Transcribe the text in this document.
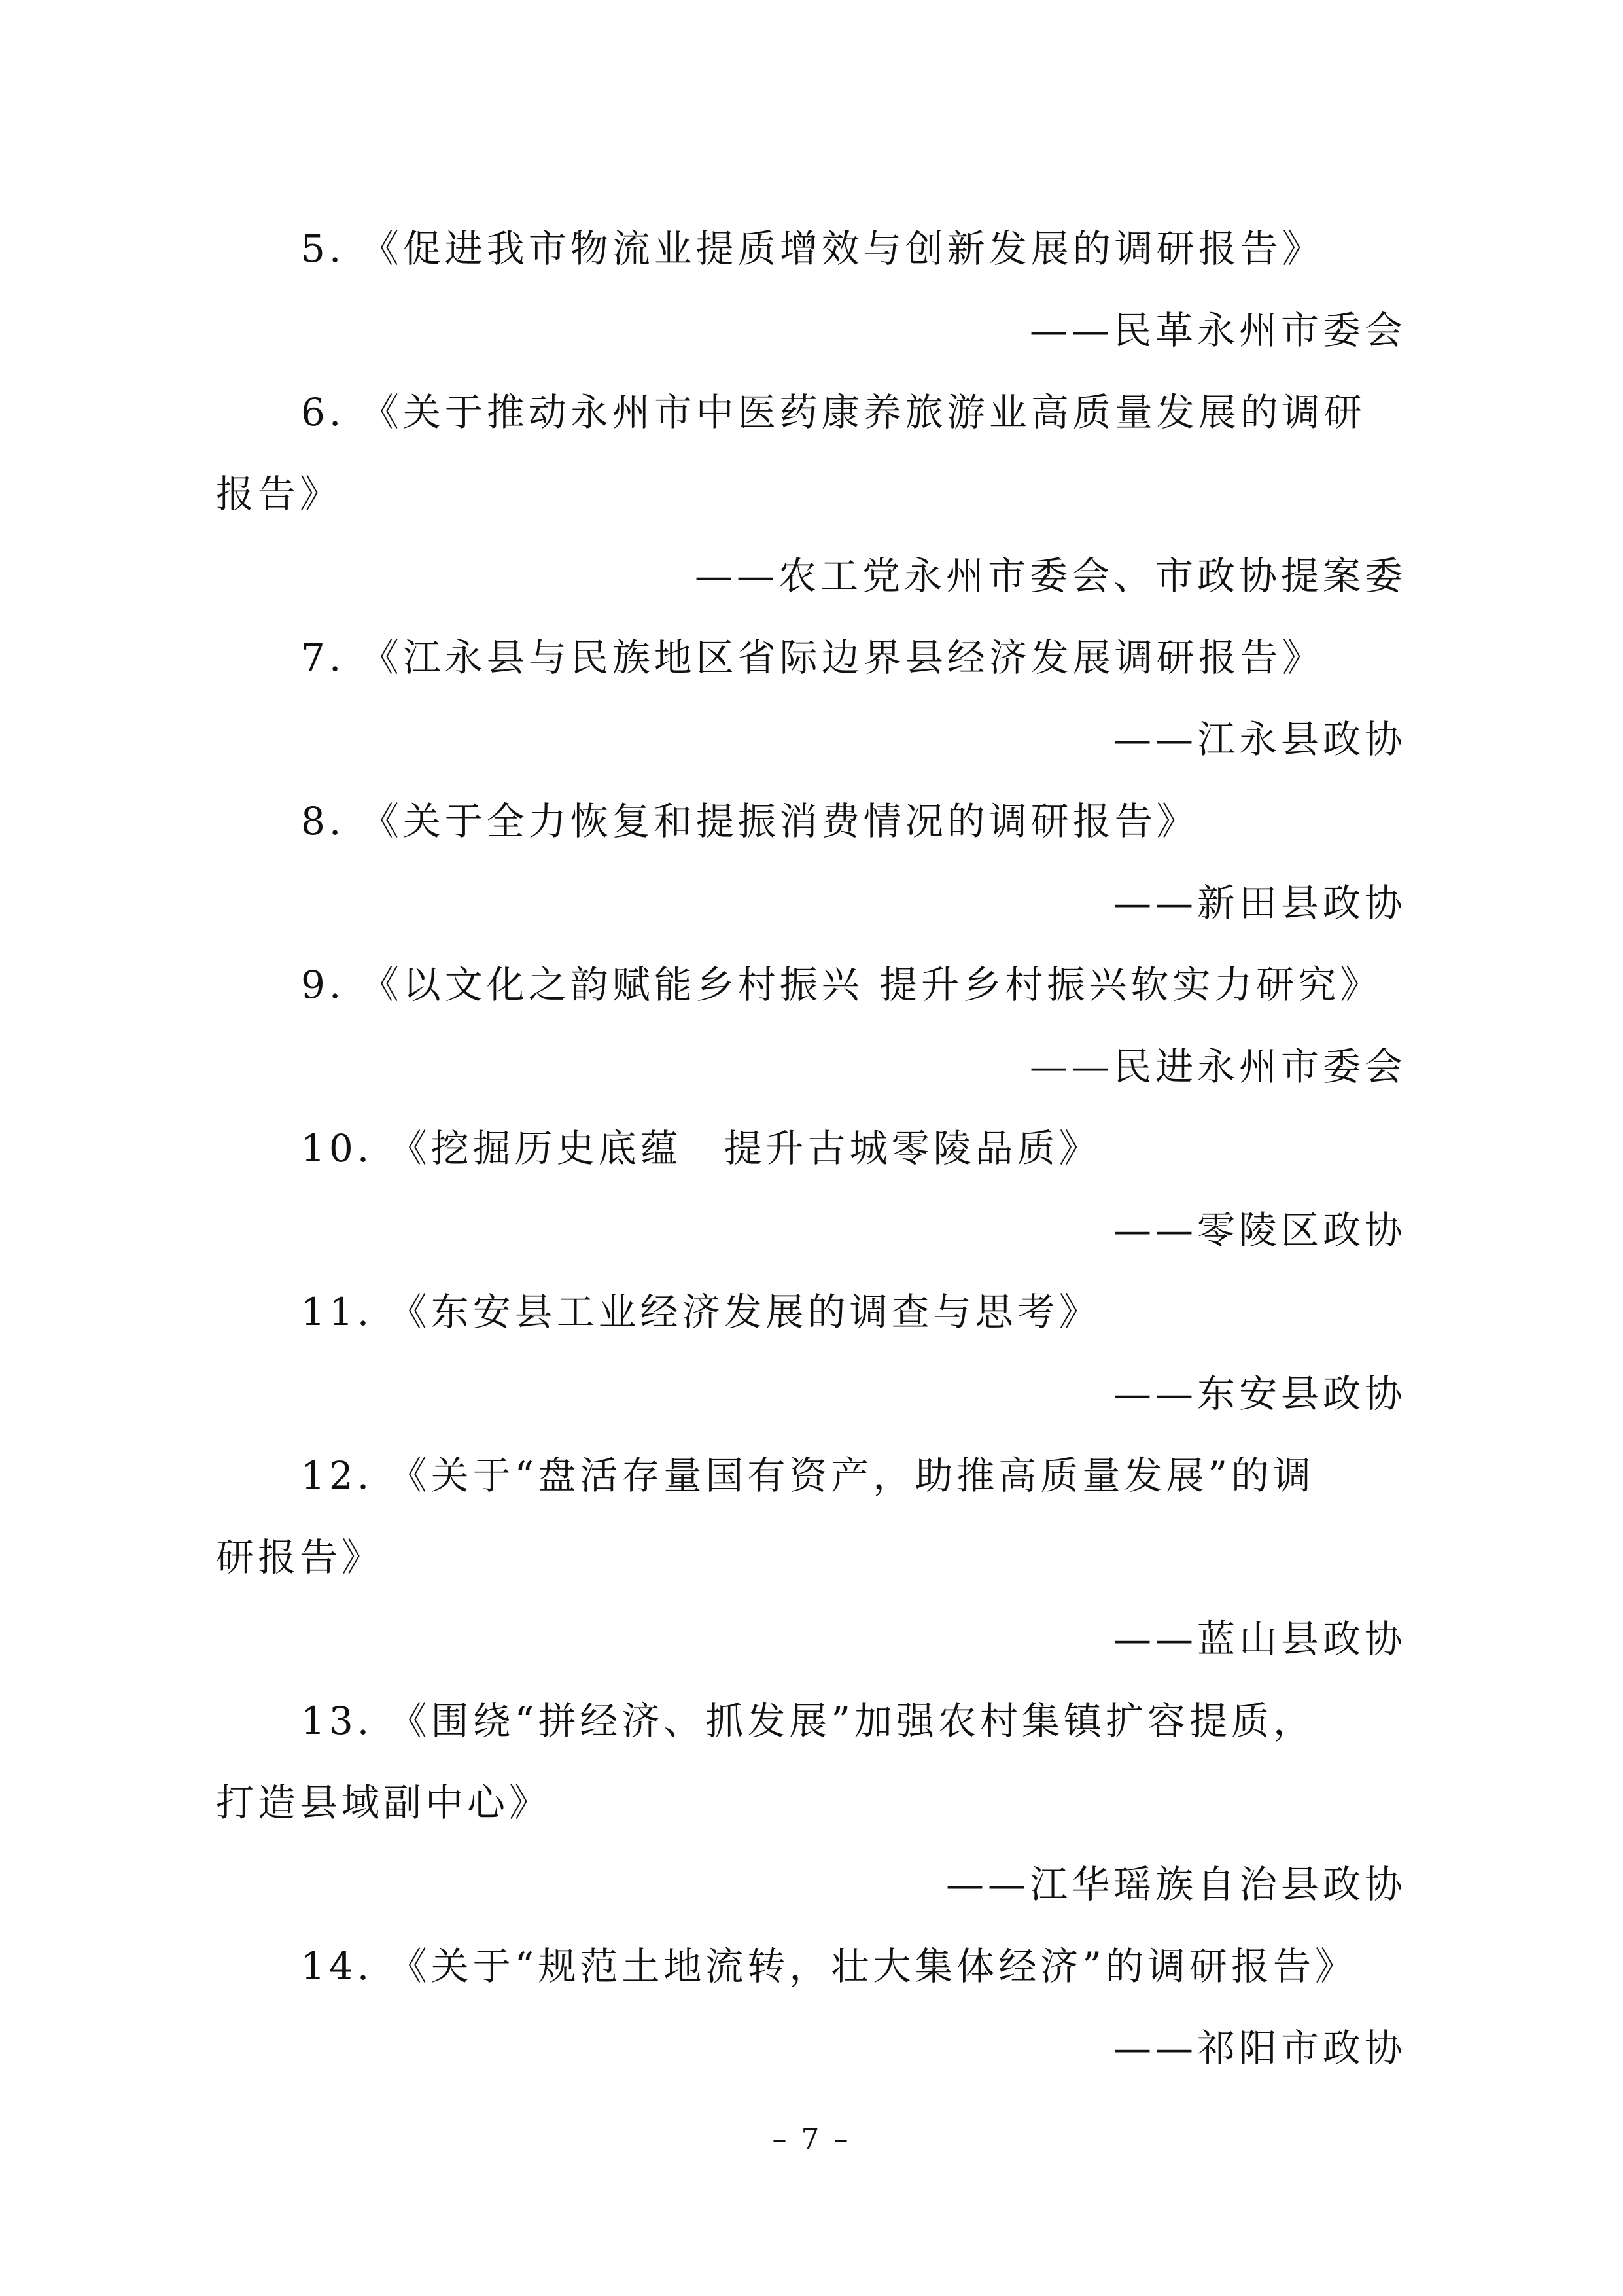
5. 《促进我市物流业提质增效与创新发展的调研报告》
——民革永州市委会
6. 《关于推动永州市中医药康养旅游业高质量发展的调研
报告》
——农工党永州市委会、市政协提案委
7. 《江永县与民族地区省际边界县经济发展调研报告》
——江永县政协
8. 《关于全力恢复和提振消费情况的调研报告》
——新田县政协
9. 《以文化之韵赋能乡村振兴 提升乡村振兴软实力研究》
——民进永州市委会
10. 《挖掘历史底蕴　提升古城零陵品质》
——零陵区政协
11. 《东安县工业经济发展的调查与思考》
——东安县政协
12. 《关于“盘活存量国有资产，助推高质量发展”的调
研报告》
——蓝山县政协
13. 《围绕“拼经济、抓发展”加强农村集镇扩容提质，
打造县域副中心》
——江华瑶族自治县政协
14. 《关于“规范土地流转，壮大集体经济”的调研报告》
——祁阳市政协
– 7 –
